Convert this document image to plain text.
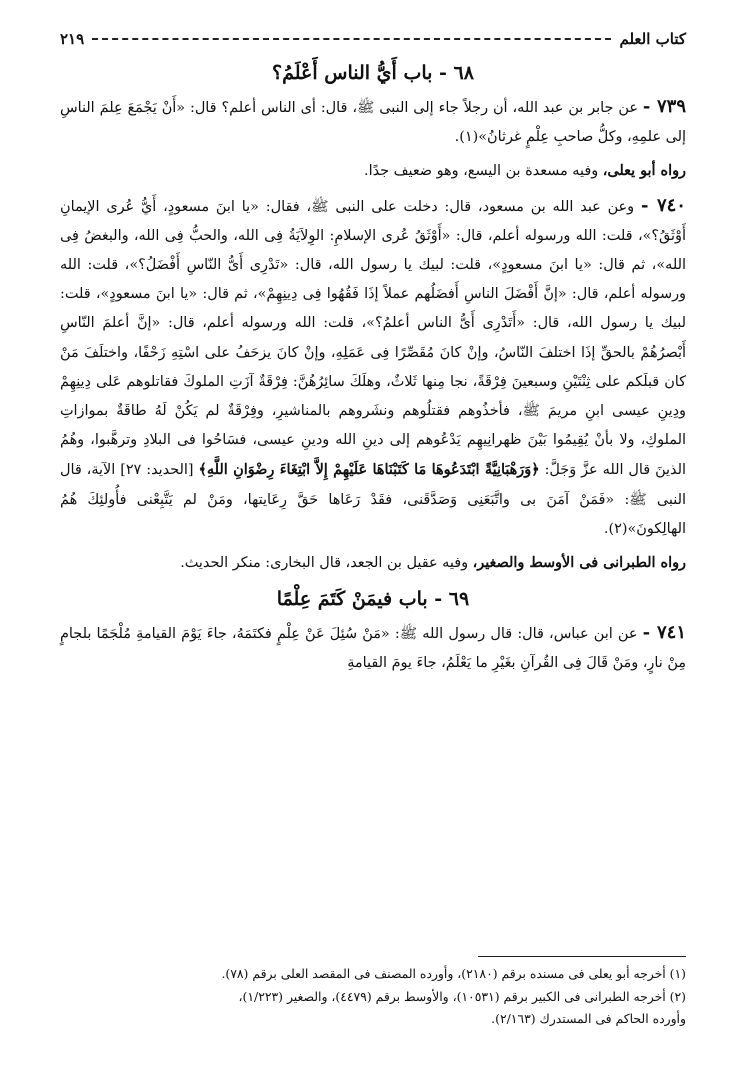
كتاب العلم
٢١٩
٦٨ - باب أَيُّ الناس أَعْلَمُ؟

٧٣٩ - عن جابر بن عبد الله، أن رجلاً جاء إلى النبى ﷺ، قال: أى الناس أعلم؟ قال: «أَنْ يَجْمَعَ عِلمَ الناسِ إلى علمِهِ، وكلُّ صاحبِ عِلْمٍ غرثانُ»(١).

رواه أبو يعلى، وفيه مسعدة بن اليسع، وهو ضعيف جدًا.

٧٤٠ - وعن عبد الله بن مسعود، قال: دخلت على النبى ﷺ، فقال: «يا ابنَ مسعودٍ، أَيُّ عُرى الإيمانِ أَوْثَقُ؟»، قلت: الله ورسوله أعلم، قال: «أَوْثَقُ عُرى الإسلامِ: الوِلاَيَةُ فِى الله، والحبُّ فِى الله، والبغضُ فِى الله»، ثم قال: «يا ابنَ مسعودٍ»، قلت: لبيك يا رسول الله، قال: «تَدْرِى أَىُّ النّاسِ أَفْضَلُ؟»، قلت: الله ورسوله أعلم، قال: «إنَّ أَفْضَلَ الناسِ أَفضَلُهم عملاً إذَا فَقُهُوا فِى دِينِهِمْ»، ثم قال: «يا ابنَ مسعودٍ»، قلت: لبيك يا رسول الله، قال: «أَتَدْرِى أَىُّ الناس أعلمُ؟»، قلت: الله ورسوله أعلم، قال: «إنَّ أعلمَ النّاسِ أَبْصرُهُمْ بالحقِّ إذَا اختلفَ النّاسُ، وإنْ كانَ مُقَصِّرًا فِى عَمَلِهِ، وإنْ كانَ يزحَفُ على اسْتِهِ زَحْفًا، واختلَفَ مَنْ كان قبلَكم على ثِنْتَيْنِ وسبعينَ فِرْقَةً، نجا مِنها ثَلاثٌ، وهلَكَ سائِرُهُنَّ: فِرْقَةٌ آزَتِ الملوكَ فقاتلوهم عَلى دِينِهِمْ ودِينِ عيسى ابنِ مريمَ ﷺ، فأخذُوهم فقتلُوهم ونشَروهم بالمناشيرِ، وفِرْقَةٌ لم يَكُنْ لَهُ طاقَةٌ بموازاتِ الملوكِ، ولا بأنْ يُقِيمُوا بَيْنَ ظهرانِيهِم يَدْعُوهم إلى دينِ الله ودينِ عيسى، فسَاحُوا فى البلادِ وترهَّبوا، وهُمُ الذينَ قال الله عزَّ وَجَلَّ: ﴿وَرَهْبَانِيَّةً ابْتَدَعُوهَا مَا كَتَبْنَاهَا عَلَيْهِمْ إِلاَّ ابْتِغَاءَ رِضْوَانِ اللَّهِ﴾ [الحديد: ٢٧] الآية، قال النبى ﷺ: «فَمَنْ آمَنَ بى واتَّبَعَنِى وَصَدَّقَنى، فقَدْ رَعَاها حَقَّ رِعَايتها، ومَنْ لم يَتَّبِعْنى فأُولئِكَ هُمُ الهالِكونَ»(٢).

رواه الطبرانى فى الأوسط والصغير، وفيه عقيل بن الجعد، قال البخارى: منكر الحديث.

٦٩ - باب فيمَنْ كَتَمَ عِلْمًا

٧٤١ - عن ابن عباس، قال: قال رسول الله ﷺ: «مَنْ سُئِلَ عَنْ عِلْمٍ فكتَمَهُ، جاءَ يَوْمَ القيامةِ مُلْجَمًا بلجامٍ مِنْ نارٍ، ومَنْ قَالَ فِى القُرآنِ بغَيْرِ ما يَعْلَمُ، جاءَ يومَ القيامةِ

(١) أخرجه أبو يعلى فى مسنده برقم (٢١٨٠)، وأورده المصنف فى المقصد العلى برقم (٧٨).

(٢) أخرجه الطبرانى فى الكبير برقم (١٠٥٣١)، والأوسط برقم (٤٤٧٩)، والصغير (١/٢٢٣)،

وأورده الحاكم فى المستدرك (٢/١٦٣).
